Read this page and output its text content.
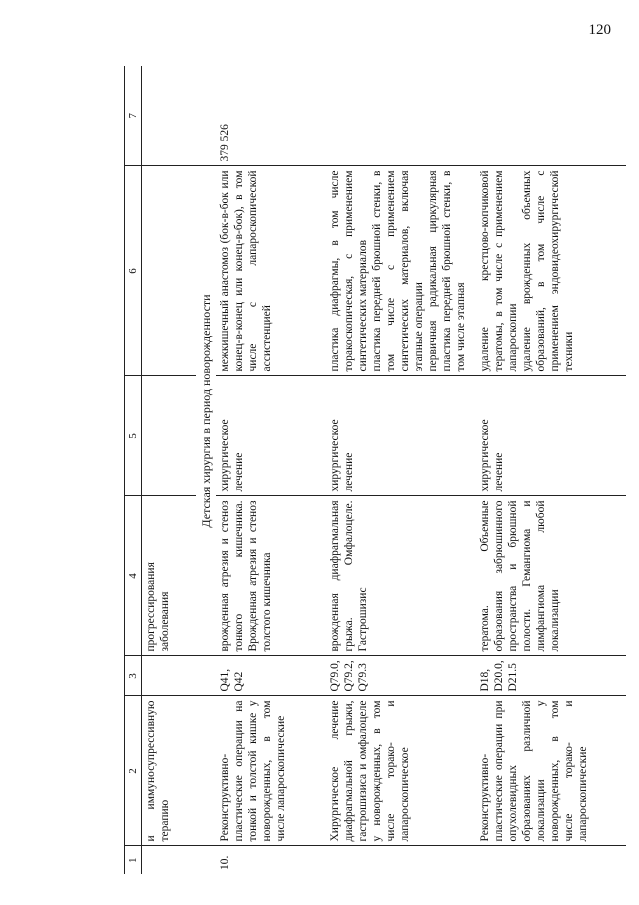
120
1	2	3	4	5	6	7
	и иммуносупрессивную терапию		прогрессирования заболевания			
			Детская хирургия в период новорожденности			
10.	Реконструктивно-пластические операции на тонкой и толстой кишке у новорожденных, в том числе лапароскопические	Q41, Q42	врожденная атрезия и стеноз тонкого кишечника. Врожденная атрезия и стеноз толстого кишечника	хирургическое лечение	межкишечный анастомоз (бок-в-бок или конец-в-конец или конец-в-бок), в том числе с лапароскопической ассистенцией	379 526
	Хирургическое лечение диафрагмальной грыжи, гастрошизиса и омфалоцеле у новорожденных, в том числе торако- и лапароскопическое	Q79.0, Q79.2, Q79.3	врожденная диафрагмальная грыжа. Омфалоцеле. Гастрошизис	хирургическое лечение	пластика диафрагмы, в том числе торакоскопическая, с применением синтетических материалов
пластика передней брюшной стенки, в том числе с применением синтетических материалов, включая этапные операции
первичная радикальная циркулярная пластика передней брюшной стенки, в том числе этапная	
	Реконструктивно-пластические операции при опухолевидных образованиях различной локализации у новорожденных, в том числе торако- и лапароскопические	D18, D20.0, D21.5	тератома. Объемные образования забрюшинного пространства и брюшной полости. Гемангиома и лимфангиома любой локализации	хирургическое лечение	удаление крестцово-копчиковой тератомы, в том числе с применением лапароскопии
удаление врожденных объемных образований, в том числе с применением эндовидеохирургической техники	
